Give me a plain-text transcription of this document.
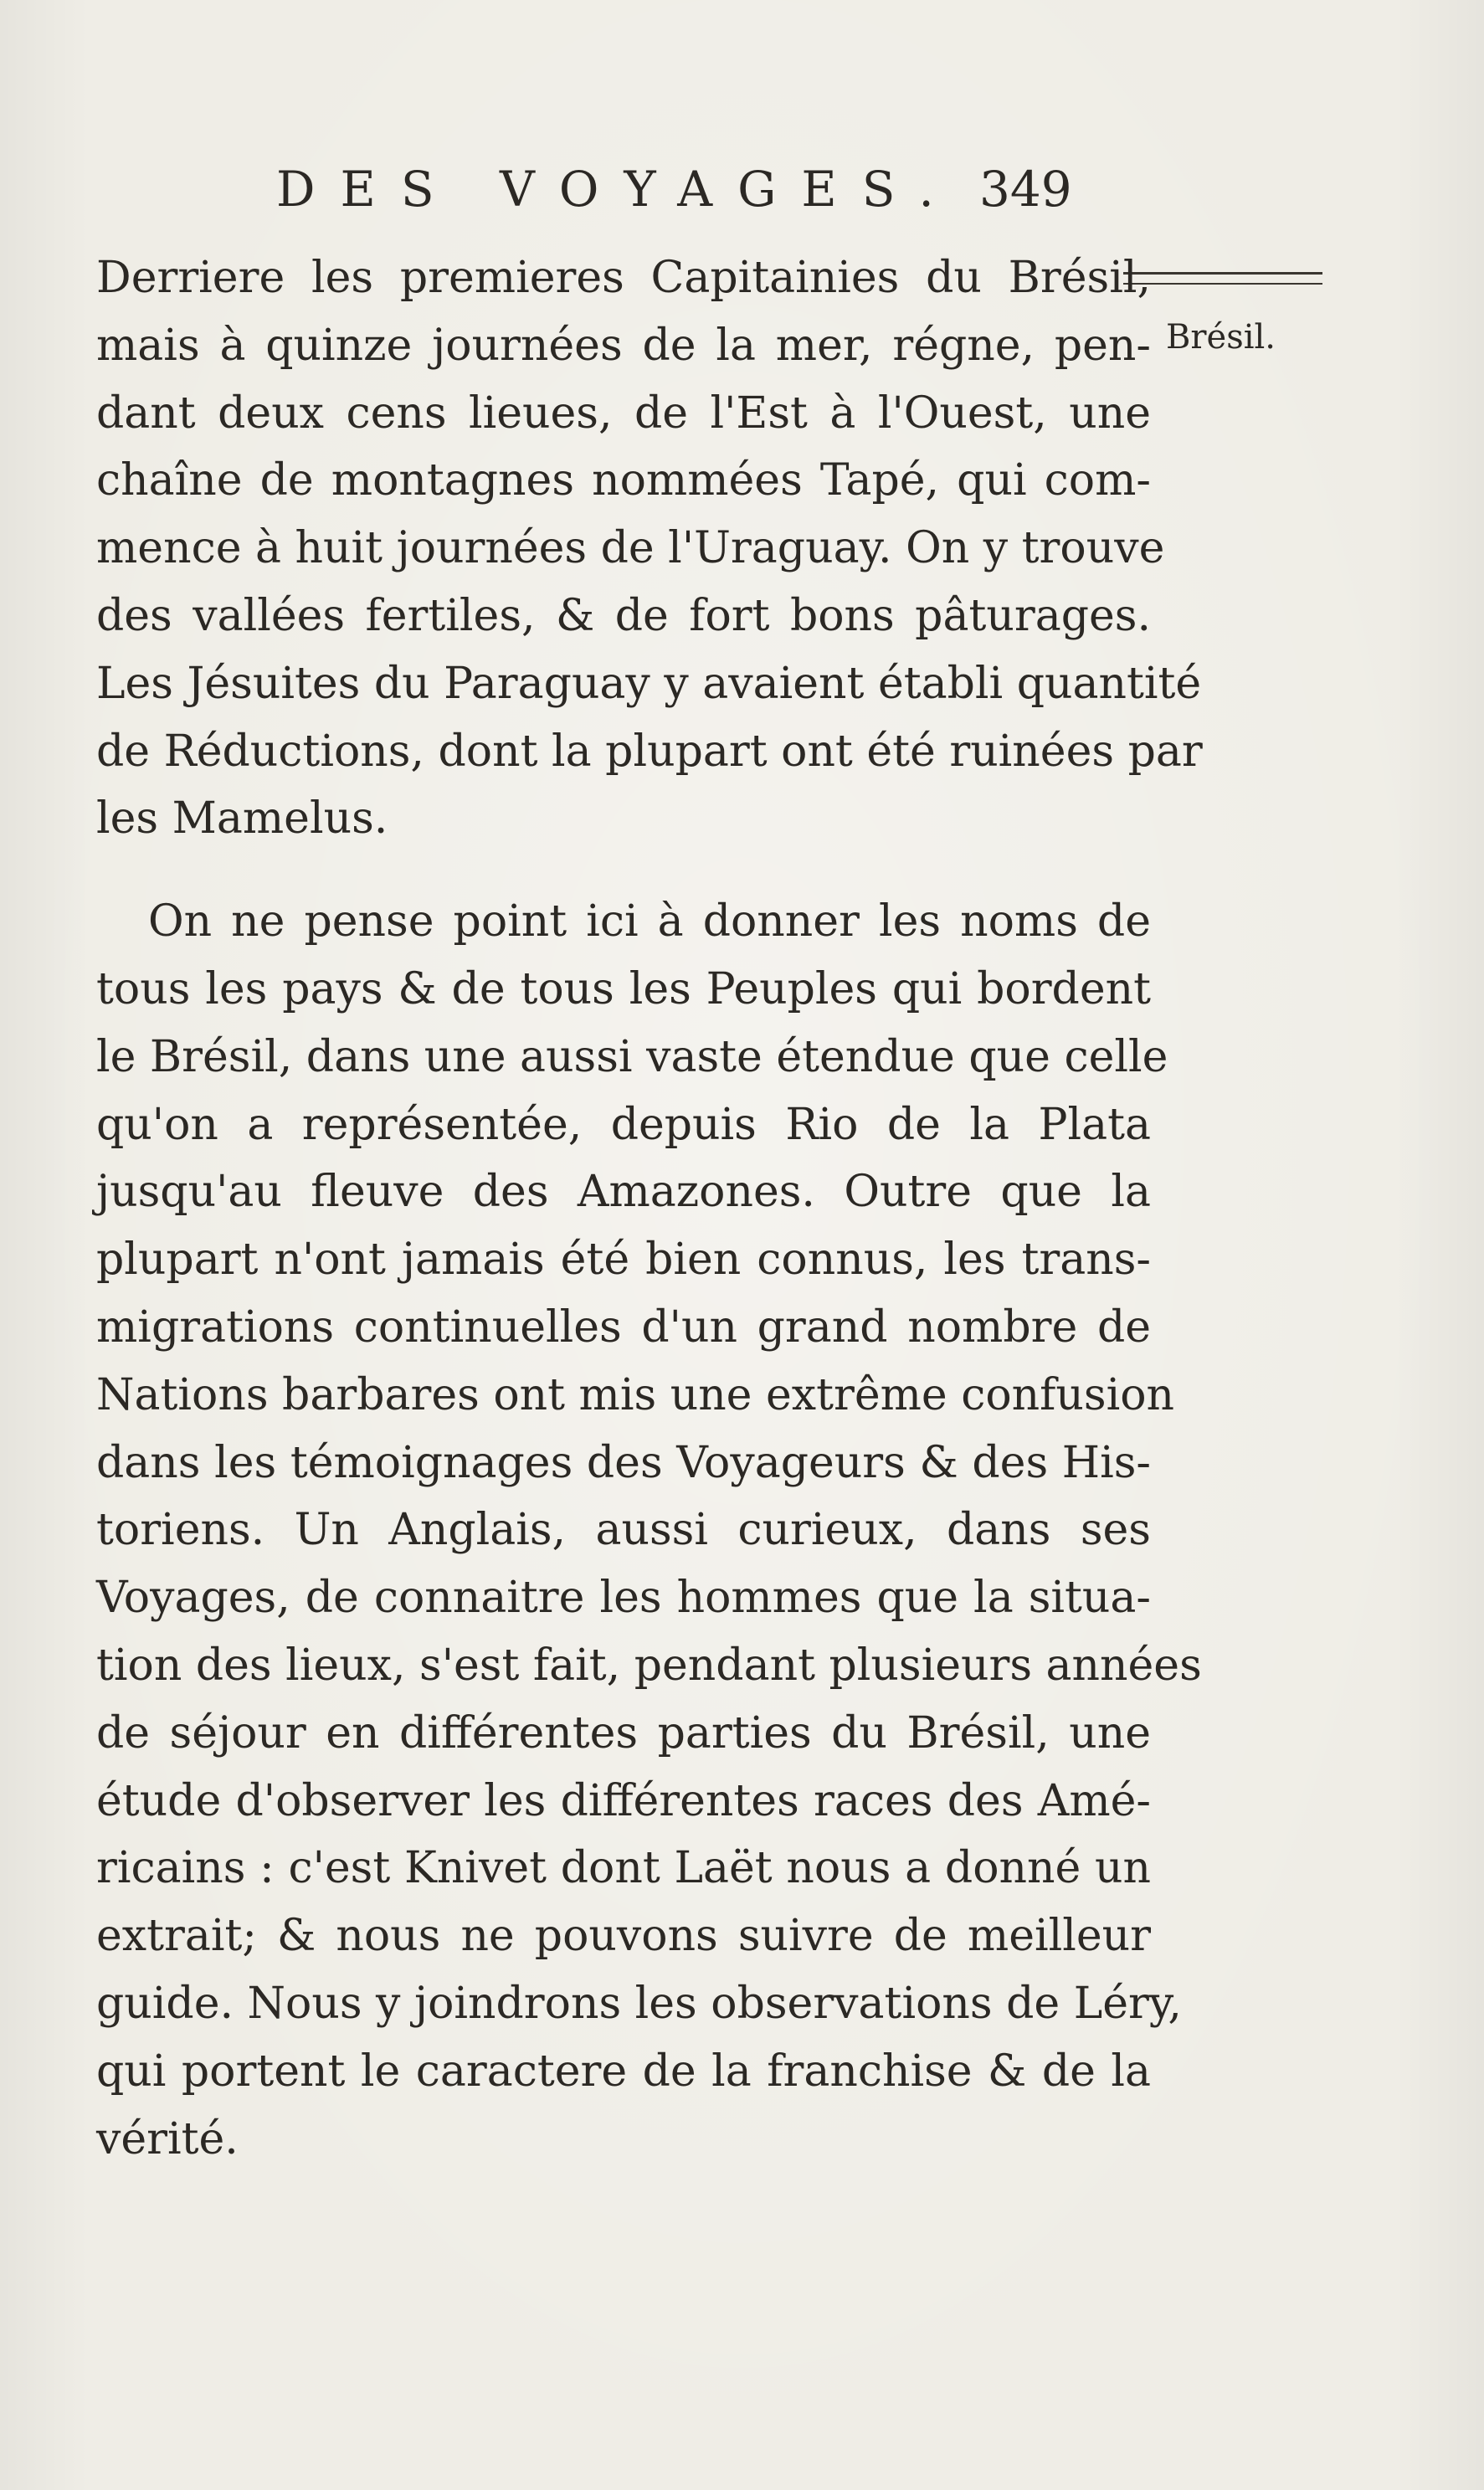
DES VOYAGES. 349
Brésil.
Derriere les premieres Capitainies du Brésil,
mais à quinze journées de la mer, régne, pen-
dant deux cens lieues, de l'Est à l'Ouest, une
chaîne de montagnes nommées Tapé, qui com-
mence à huit journées de l'Uraguay. On y trouve
des vallées fertiles, & de fort bons pâturages.
Les Jésuites du Paraguay y avaient établi quantité
de Réductions, dont la plupart ont été ruinées par
les Mamelus.
On ne pense point ici à donner les noms de
tous les pays & de tous les Peuples qui bordent
le Brésil, dans une aussi vaste étendue que celle
qu'on a représentée, depuis Rio de la Plata
jusqu'au fleuve des Amazones. Outre que la
plupart n'ont jamais été bien connus, les trans-
migrations continuelles d'un grand nombre de
Nations barbares ont mis une extrême confusion
dans les témoignages des Voyageurs & des His-
toriens. Un Anglais, aussi curieux, dans ses
Voyages, de connaitre les hommes que la situa-
tion des lieux, s'est fait, pendant plusieurs années
de séjour en différentes parties du Brésil, une
étude d'observer les différentes races des Amé-
ricains : c'est Knivet dont Laët nous a donné un
extrait; & nous ne pouvons suivre de meilleur
guide. Nous y joindrons les observations de Léry,
qui portent le caractere de la franchise & de la
vérité.
